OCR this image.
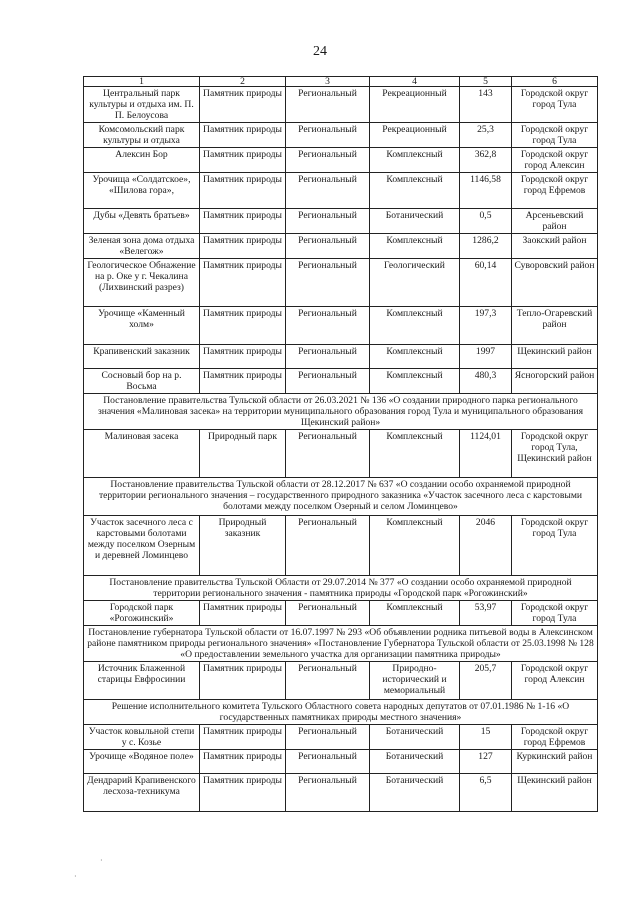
24
1	2	3	4	5	6
Центральный парк культуры и отдыха им. П. П. Белоусова	Памятник природы	Региональный	Рекреационный	143	Городской округ город Тула
Комсомольский парк культуры и отдыха	Памятник природы	Региональный	Рекреационный	25,3	Городской округ город Тула
Алексин Бор	Памятник природы	Региональный	Комплексный	362,8	Городской округ город Алексин
Урочища «Солдатское», «Шилова гора»,	Памятник природы	Региональный	Комплексный	1146,58	Городской округ город Ефремов
Дубы «Девять братьев»	Памятник природы	Региональный	Ботанический	0,5	Арсеньевский район
Зеленая зона дома отдыха «Велегож»	Памятник природы	Региональный	Комплексный	1286,2	Заокский район
Геологическое Обнажение на р. Оке у г. Чекалина (Лихвинский разрез)	Памятник природы	Региональный	Геологический	60,14	Суворовский район
Урочище «Каменный холм»	Памятник природы	Региональный	Комплексный	197,3	Тепло-Огаревский район
Крапивенский заказник	Памятник природы	Региональный	Комплексный	1997	Щекинский район
Сосновый бор на р. Восьма	Памятник природы	Региональный	Комплексный	480,3	Ясногорский район
Постановление правительства Тульской области от 26.03.2021 № 136 «О создании природного парка регионального значения «Малиновая засека» на территории муниципального образования город Тула и муниципального образования Щекинский район»					
Малиновая засека	Природный парк	Региональный	Комплексный	1124,01	Городской округ город Тула, Щекинский район
Постановление правительства Тульской области от 28.12.2017 № 637 «О создании особо охраняемой природной территории регионального значения – государственного природного заказника «Участок засечного леса с карстовыми болотами между поселком Озерный и селом Ломинцево»					
Участок засечного леса с карстовыми болотами между поселком Озерным и деревней Ломинцево	Природный заказник	Региональный	Комплексный	2046	Городской округ город Тула
Постановление правительства Тульской Области от 29.07.2014 № 377 «О создании особо охраняемой природной территории регионального значения - памятника природы «Городской парк «Рогожинский»					
Городской парк «Рогожинский»	Памятник природы	Региональный	Комплексный	53,97	Городской округ город Тула
Постановление губернатора Тульской области от 16.07.1997 № 293 «Об объявлении родника питьевой воды в Алексинском районе памятником природы регионального значения» «Постановление Губернатора Тульской области от 25.03.1998 № 128 «О предоставлении земельного участка для организации памятника природы»					
Источник Блаженной старицы Евфросинии	Памятник природы	Региональный	Природно-исторический и мемориальный	205,7	Городской округ город Алексин
Решение исполнительного комитета Тульского Областного совета народных депутатов от 07.01.1986 № 1-16 «О государственных памятниках природы местного значения»					
Участок ковыльной степи у с. Козье	Памятник природы	Региональный	Ботанический	15	Городской округ город Ефремов
Урочище «Водяное поле»	Памятник природы	Региональный	Ботанический	127	Куркинский район
Дендрарий Крапивенского лесхоза-техникума	Памятник природы	Региональный	Ботанический	6,5	Щекинский район
·
·
